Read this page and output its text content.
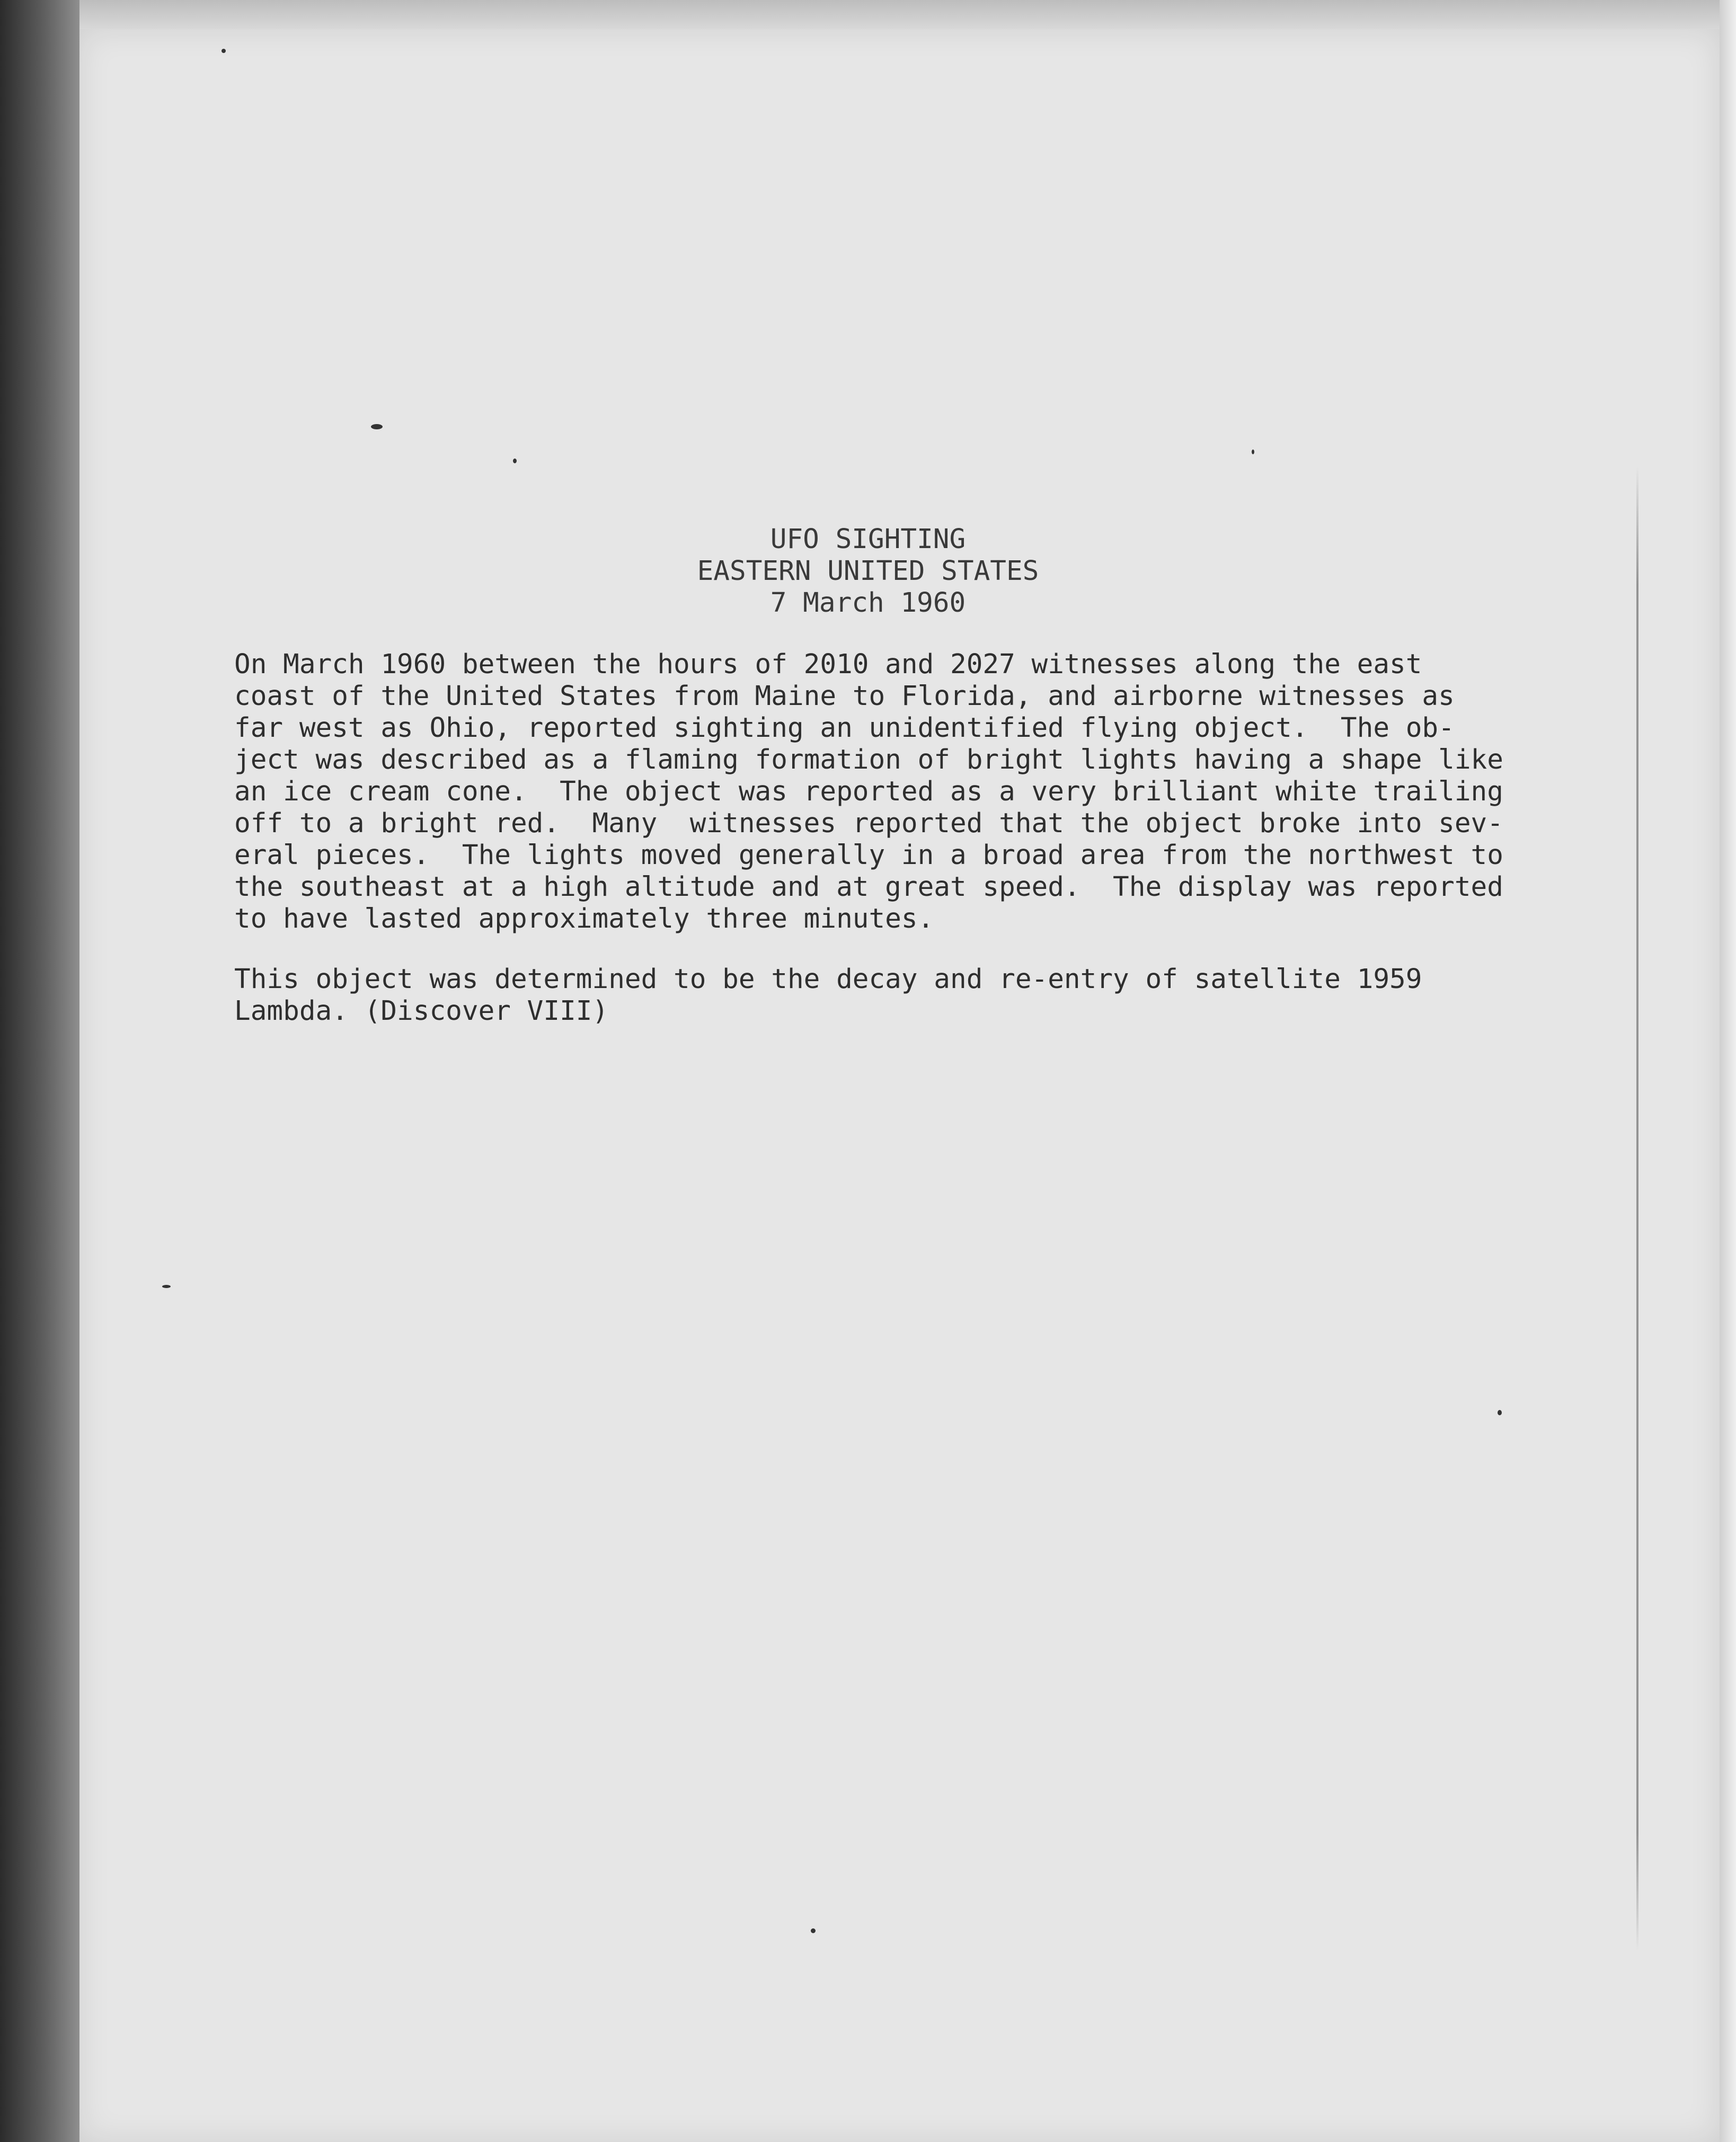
UFO SIGHTING
EASTERN UNITED STATES
7 March 1960
On March 1960 between the hours of 2010 and 2027 witnesses along the east
coast of the United States from Maine to Florida, and airborne witnesses as
far west as Ohio, reported sighting an unidentified flying object.  The ob-
ject was described as a flaming formation of bright lights having a shape like
an ice cream cone.  The object was reported as a very brilliant white trailing
off to a bright red.  Many  witnesses reported that the object broke into sev-
eral pieces.  The lights moved generally in a broad area from the northwest to
the southeast at a high altitude and at great speed.  The display was reported
to have lasted approximately three minutes.
This object was determined to be the decay and re-entry of satellite 1959
Lambda. (Discover VIII)
